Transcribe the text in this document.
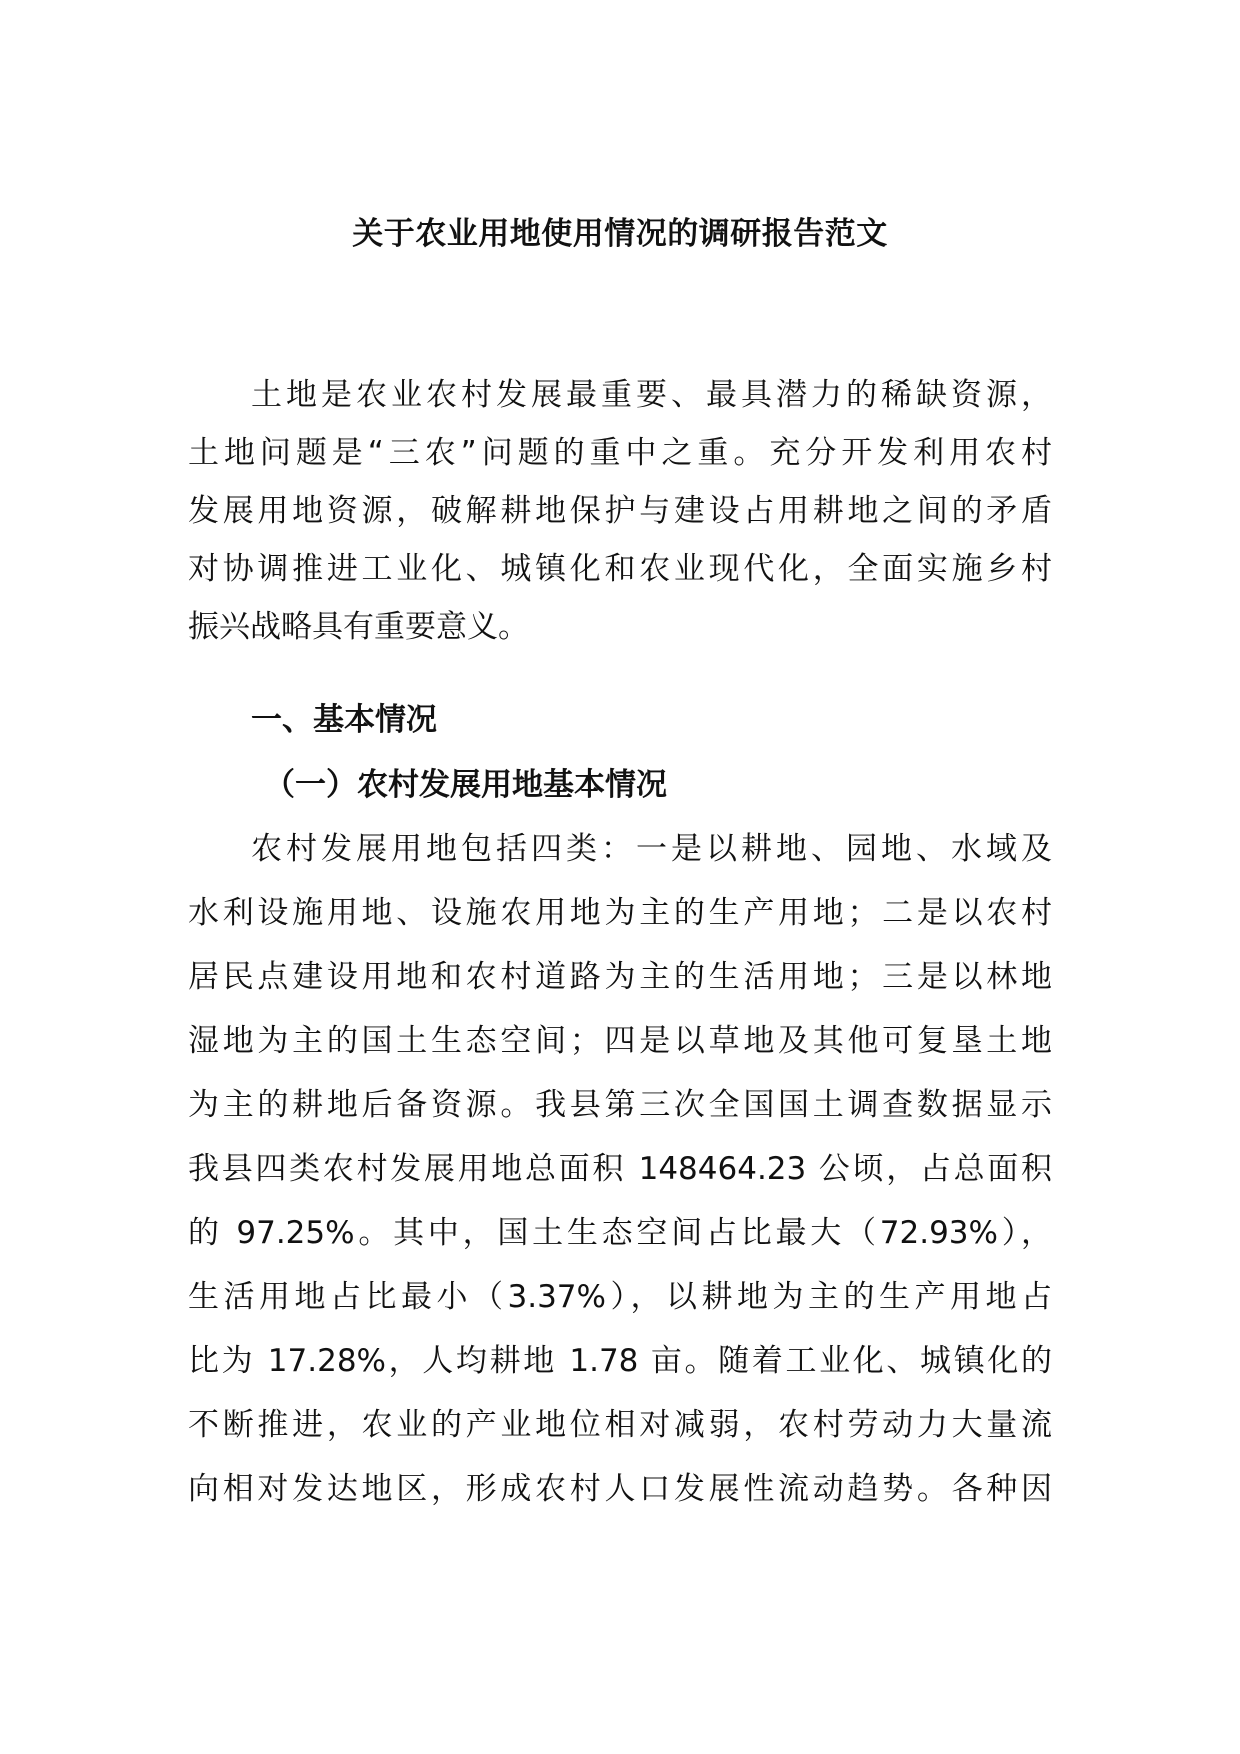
关于农业用地使用情况的调研报告范文
土地是农业农村发展最重要、最具潜力的稀缺资源，
土地问题是“三农”问题的重中之重。充分开发利用农村
发展用地资源，破解耕地保护与建设占用耕地之间的矛盾
对协调推进工业化、城镇化和农业现代化，全面实施乡村
振兴战略具有重要意义。
一、基本情况
（一）农村发展用地基本情况
农村发展用地包括四类：一是以耕地、园地、水域及
水利设施用地、设施农用地为主的生产用地；二是以农村
居民点建设用地和农村道路为主的生活用地；三是以林地
湿地为主的国土生态空间；四是以草地及其他可复垦土地
为主的耕地后备资源。我县第三次全国国土调查数据显示
我县四类农村发展用地总面积 148464.23 公顷，占总面积
的 97.25%。其中，国土生态空间占比最大（72.93%），
生活用地占比最小（3.37%），以耕地为主的生产用地占
比为 17.28%，人均耕地 1.78 亩。随着工业化、城镇化的
不断推进，农业的产业地位相对减弱，农村劳动力大量流
向相对发达地区，形成农村人口发展性流动趋势。各种因
